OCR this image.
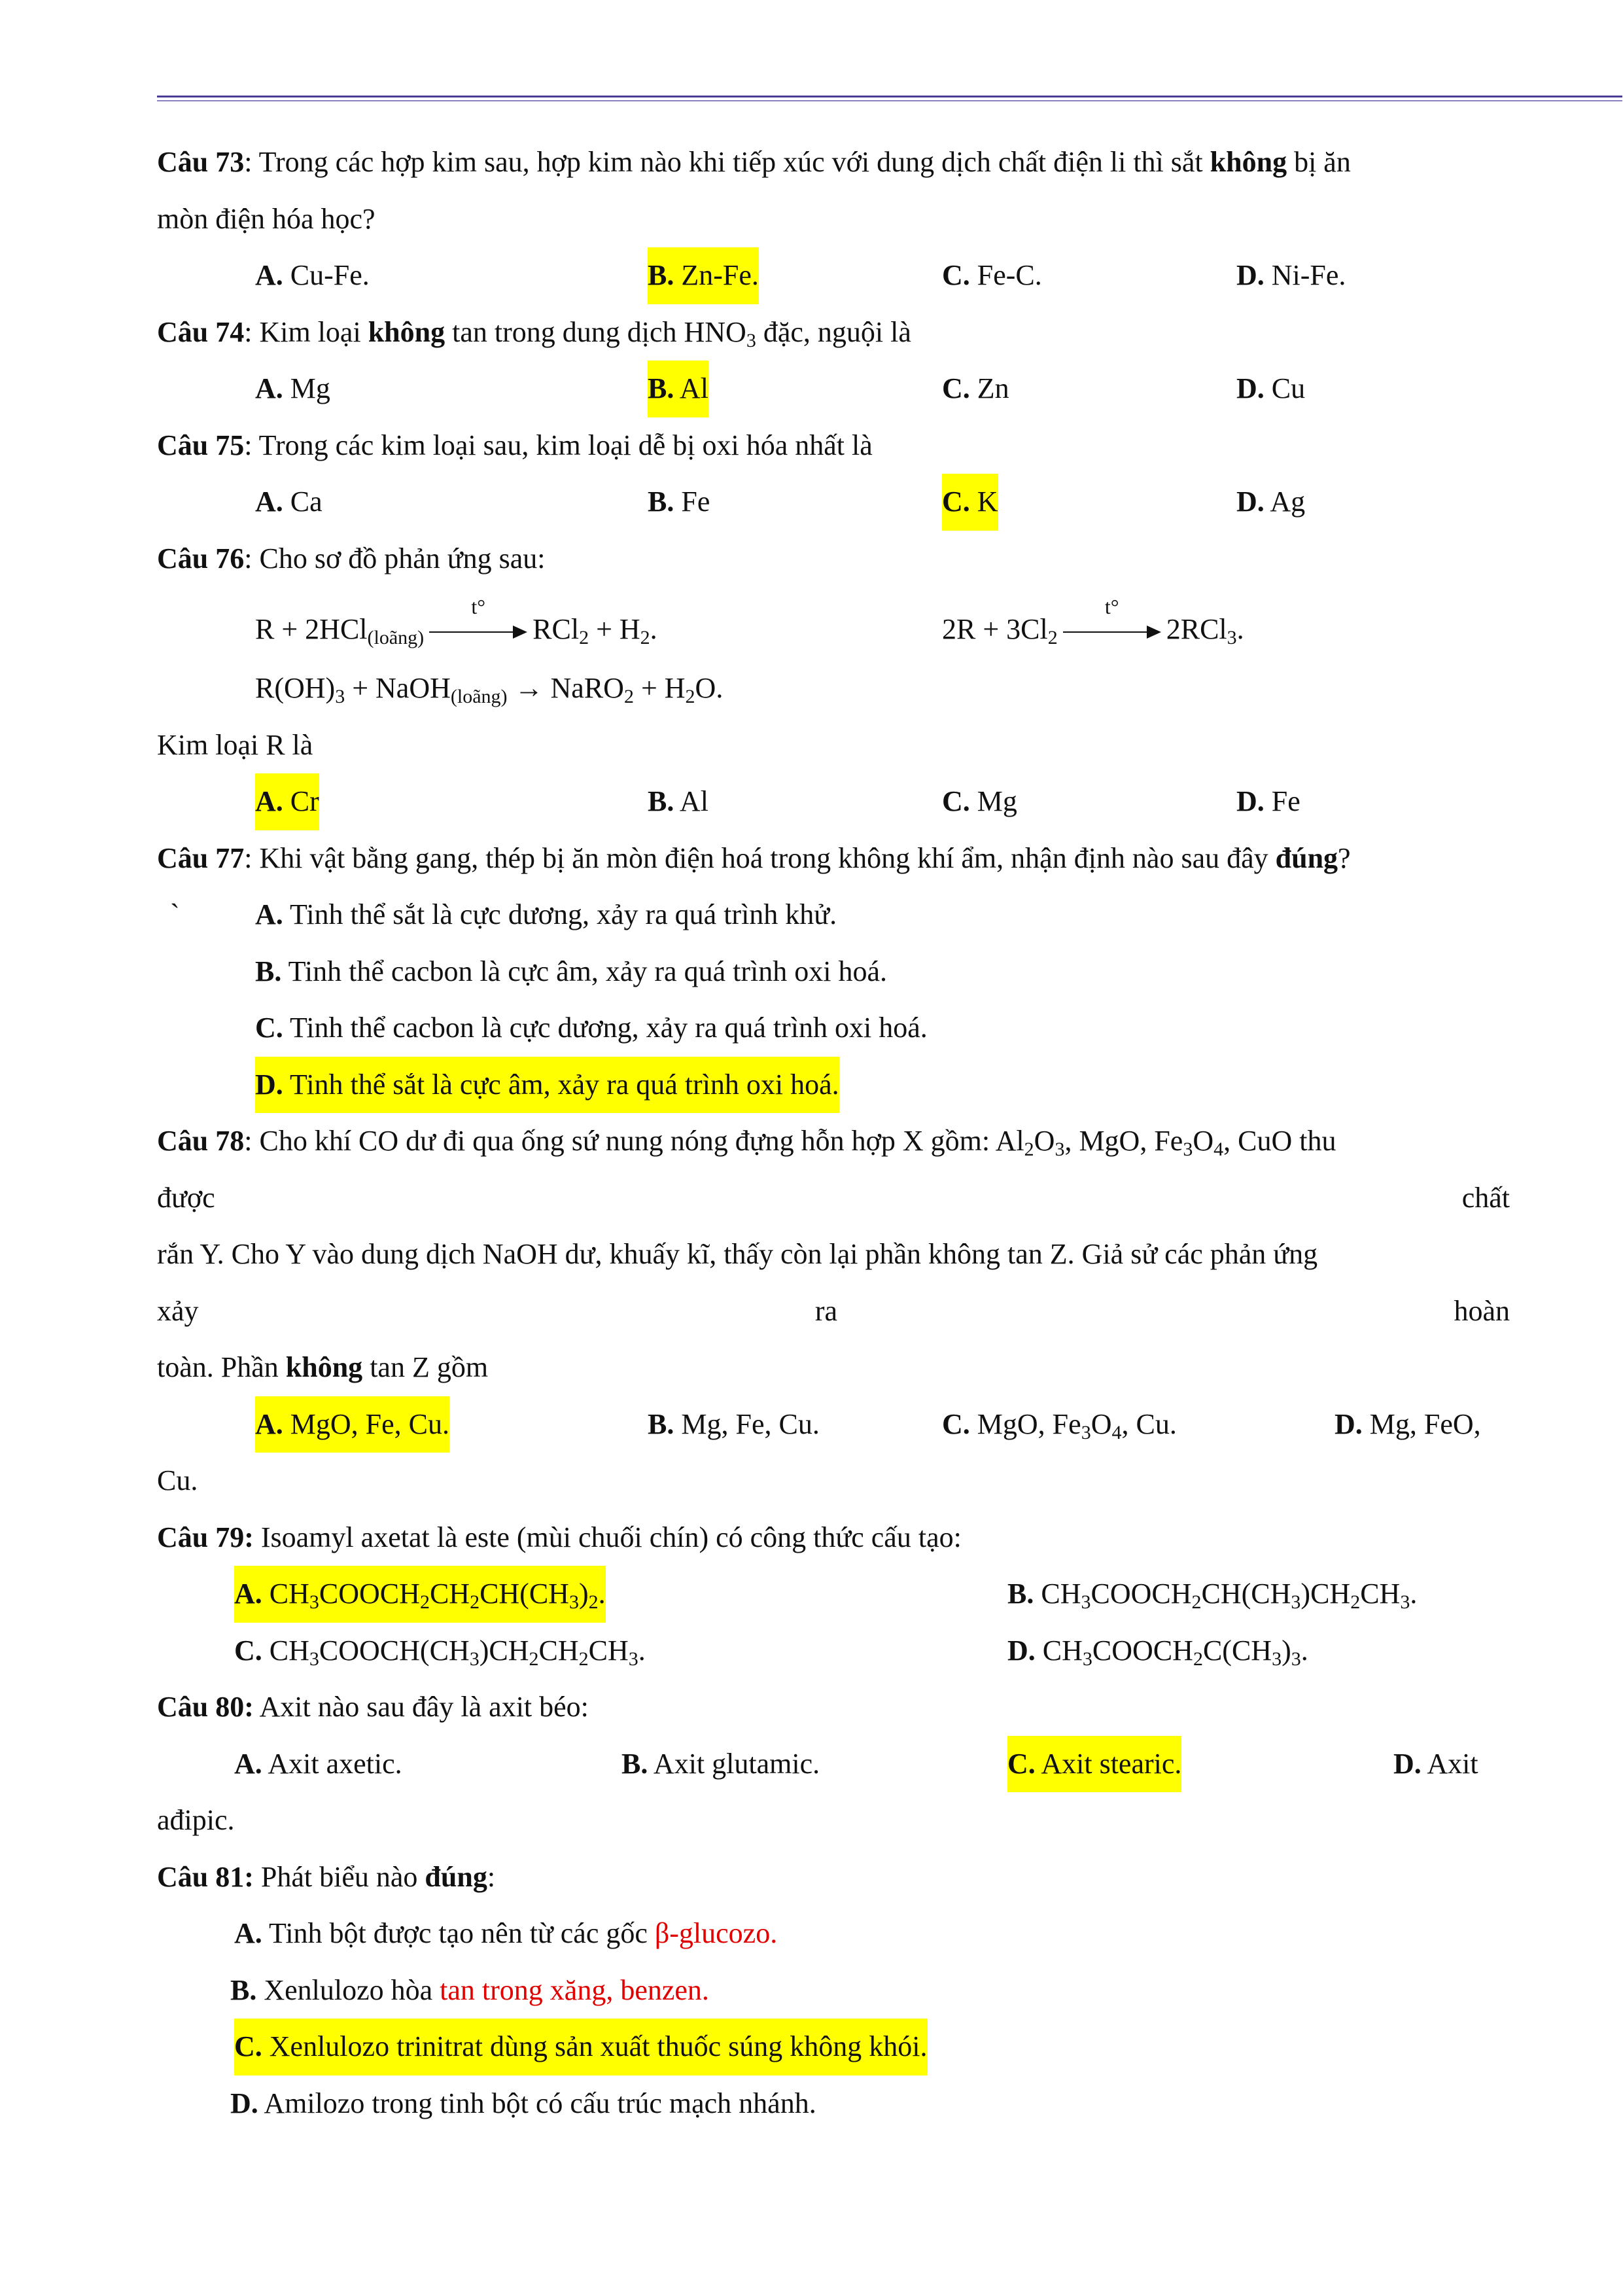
Câu 73: Trong các hợp kim sau, hợp kim nào khi tiếp xúc với dung dịch chất điện li thì sắt không bị ăn
mòn điện hóa học?
A. Cu-Fe.	B. Zn-Fe.	C. Fe-C.	D. Ni-Fe.
Câu 74: Kim loại không tan trong dung dịch $HNO_3$ đặc, nguội là
A. Mg	B. Al	C. Zn	D. Cu
Câu 75: Trong các kim loại sau, kim loại dễ bị oxi hóa nhất là
A. Ca	B. Fe	C. K	D. Ag
Câu 76: Cho sơ đồ phản ứng sau:
R + 2HCl$_{(loãng)}$
t°
$RCl_2 + H_2$.	$2R + 3Cl_2$
t°
2RCl$_3$.
$R(OH)_3$ + NaOH$_{(loãng)}$ → NaRO$_2$ + $H_2O$.
Kim loại R là
A. Cr	B. Al	C. Mg	D. Fe
Câu 77: Khi vật bằng gang, thép bị ăn mòn điện hoá trong không khí ẩm, nhận định nào sau đây đúng?
`	A. Tinh thể sắt là cực dương, xảy ra quá trình khử.
B. Tinh thể cacbon là cực âm, xảy ra quá trình oxi hoá.
C. Tinh thể cacbon là cực dương, xảy ra quá trình oxi hoá.
D. Tinh thể sắt là cực âm, xảy ra quá trình oxi hoá.
Câu 78: Cho khí CO dư đi qua ống sứ nung nóng đựng hỗn hợp X gồm: $Al_2O_3$, MgO, $Fe_3O_4$, CuO thu
được	chất
rắn Y. Cho Y vào dung dịch NaOH dư, khuấy kĩ, thấy còn lại phần không tan Z. Giả sử các phản ứng
xảy	ra	hoàn
toàn. Phần không tan Z gồm
A. MgO, Fe, Cu.	B. Mg, Fe, Cu.	C. MgO, $Fe_3O_4$, Cu.	D. Mg, FeO,
Cu.
Câu 79: Isoamyl axetat là este (mùi chuối chín) có công thức cấu tạo:
A. $CH_3COOCH_2CH_2CH(CH_3)_2$.	B. $CH_3COOCH_2CH(CH_3)CH_2CH_3$.
C. $CH_3COOCH(CH_3)CH_2CH_2CH_3$.	D. $CH_3COOCH_2C(CH_3)_3$.
Câu 80: Axit nào sau đây là axit béo:
A. Axit axetic.	B. Axit glutamic.	C. Axit stearic.	D. Axit
ađipic.
Câu 81: Phát biểu nào đúng:
A. Tinh bột được tạo nên từ các gốc β-glucozo.
B. Xenlulozo hòa tan trong xăng, benzen.
C. Xenlulozo trinitrat dùng sản xuất thuốc súng không khói.
D. Amilozo trong tinh bột có cấu trúc mạch nhánh.
